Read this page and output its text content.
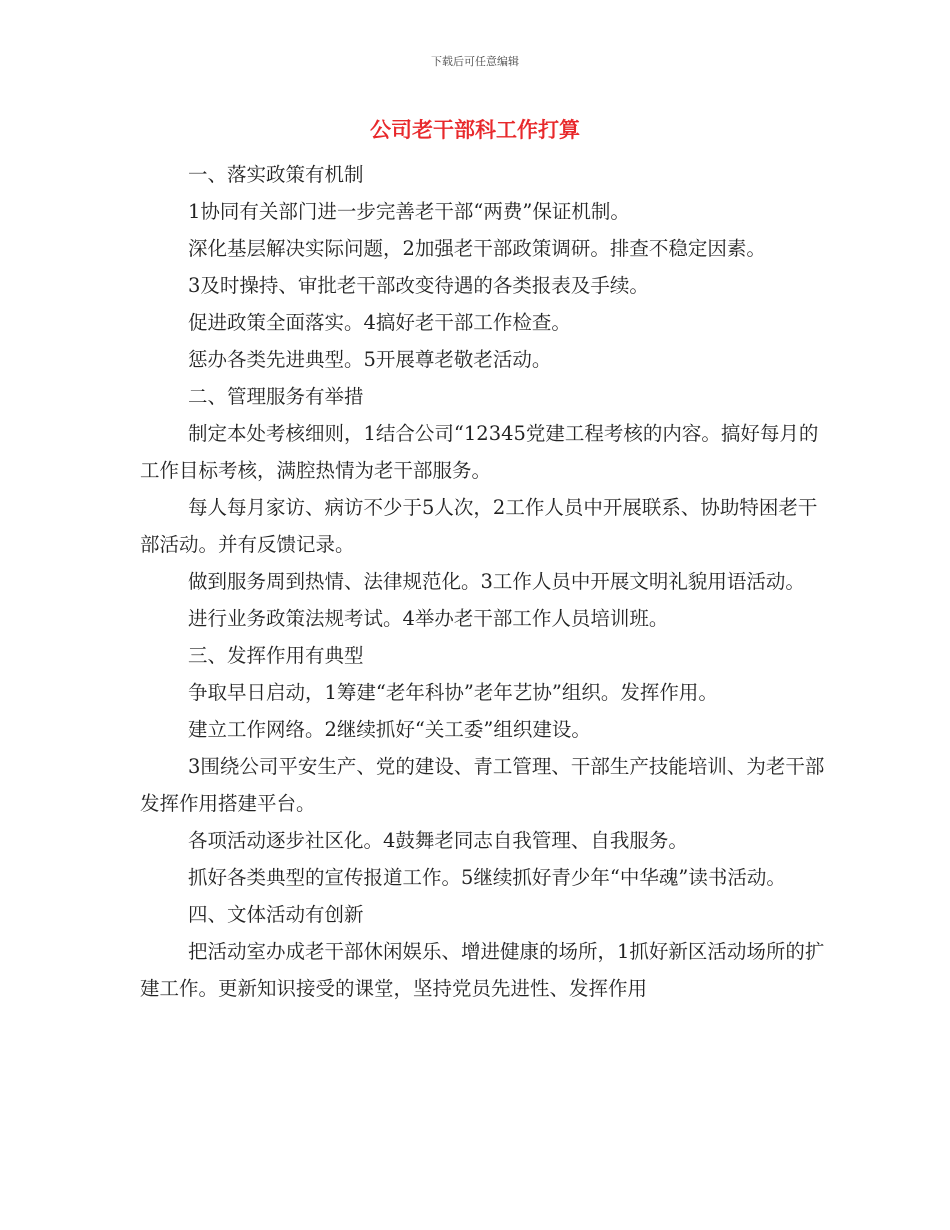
下载后可任意编辑
公司老干部科工作打算

一、落实政策有机制

1协同有关部门进一步完善老干部“两费”保证机制。

深化基层解决实际问题，2加强老干部政策调研。排查不稳定因素。

3及时操持、审批老干部改变待遇的各类报表及手续。

促进政策全面落实。4搞好老干部工作检查。

惩办各类先进典型。5开展尊老敬老活动。

二、管理服务有举措

制定本处考核细则，1结合公司“12345党建工程考核的内容。搞好每月的工作目标考核，满腔热情为老干部服务。

每人每月家访、病访不少于5人次，2工作人员中开展联系、协助特困老干部活动。并有反馈记录。

做到服务周到热情、法律规范化。3工作人员中开展文明礼貌用语活动。

进行业务政策法规考试。4举办老干部工作人员培训班。

三、发挥作用有典型

争取早日启动，1筹建“老年科协”老年艺协”组织。发挥作用。

建立工作网络。2继续抓好“关工委”组织建设。

3围绕公司平安生产、党的建设、青工管理、干部生产技能培训、为老干部发挥作用搭建平台。

各项活动逐步社区化。4鼓舞老同志自我管理、自我服务。

抓好各类典型的宣传报道工作。5继续抓好青少年“中华魂”读书活动。

四、文体活动有创新

把活动室办成老干部休闲娱乐、增进健康的场所，1抓好新区活动场所的扩建工作。更新知识接受的课堂，坚持党员先进性、发挥作用
